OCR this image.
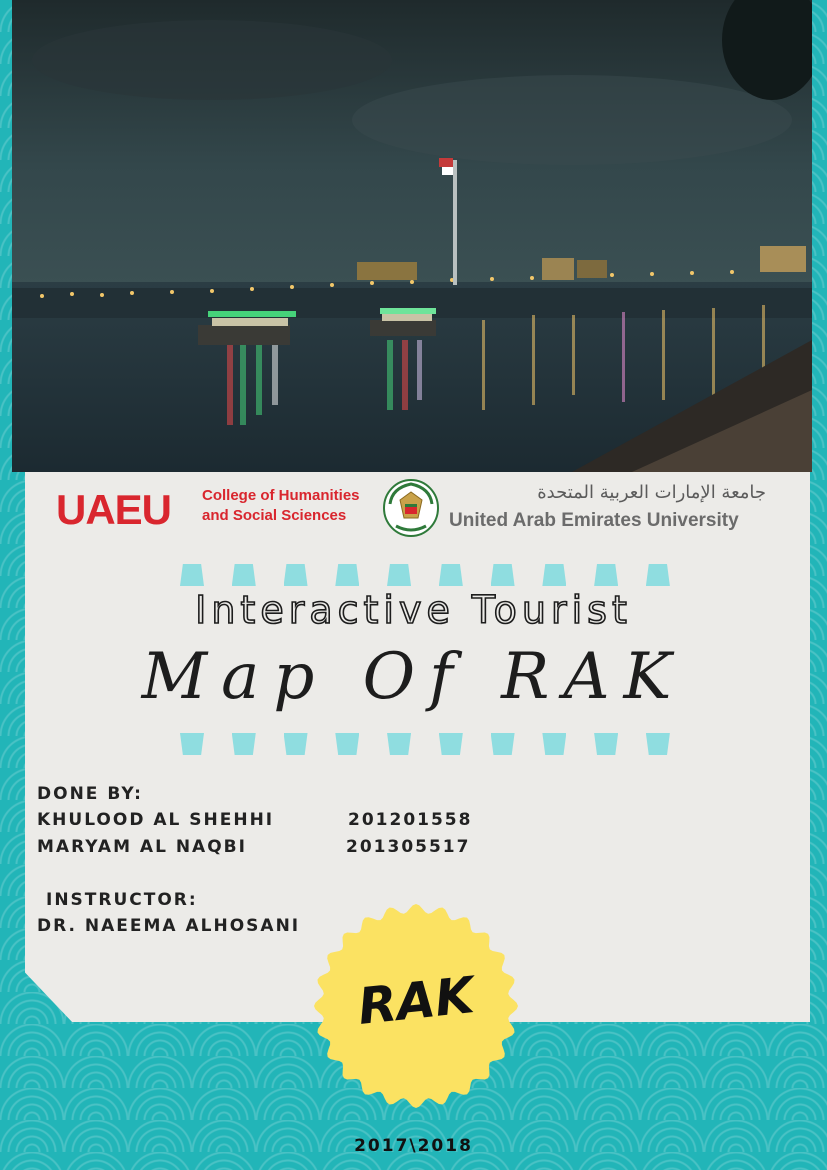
UAEU College of Humanities
and Social Sciences
جامعة الإمارات العربية المتحدة
United Arab Emirates University
Interactive Tourist
Map Of RAK
DONE BY:
KHULOOD AL SHEHHI	201201558
MARYAM AL NAQBI	201305517
INSTRUCTOR:
DR. NAEEMA ALHOSANI
RAK
2017\2018
